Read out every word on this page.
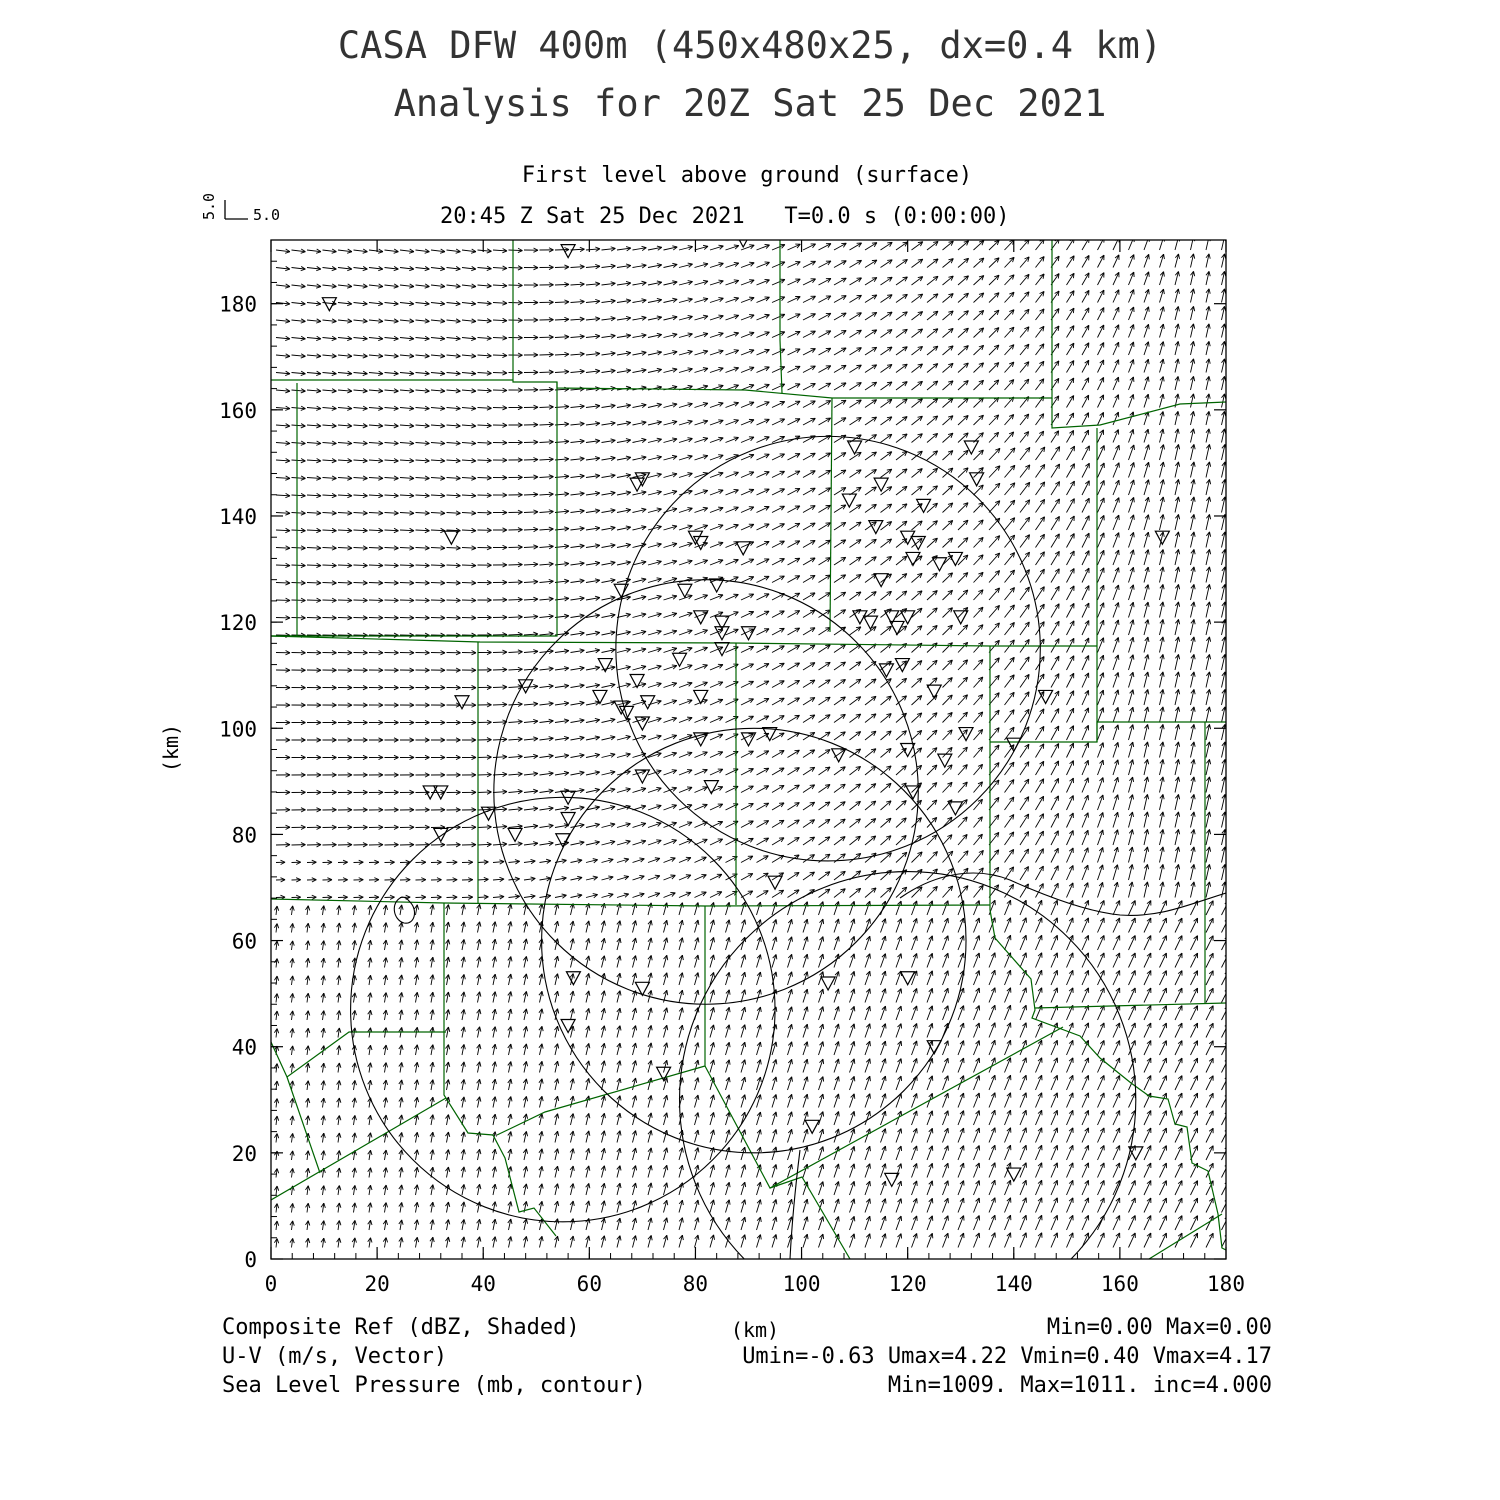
CASA DFW 400m (450x480x25, dx=0.4 km)
Analysis for 20Z Sat 25 Dec 2021
First level above ground (surface)
20:45 Z Sat 25 Dec 2021   T=0.0 s (0:00:00)
5.0
5.0
0	20	40	60	80	100	120	140	160	180
0
20
40
60
80
100
120
140
160
180
(km)
(km)
Composite Ref (dBZ, Shaded)	Min=0.00 Max=0.00
U-V (m/s, Vector)	Umin=-0.63 Umax=4.22 Vmin=0.40 Vmax=4.17
Sea Level Pressure (mb, contour)	Min=1009. Max=1011. inc=4.000
